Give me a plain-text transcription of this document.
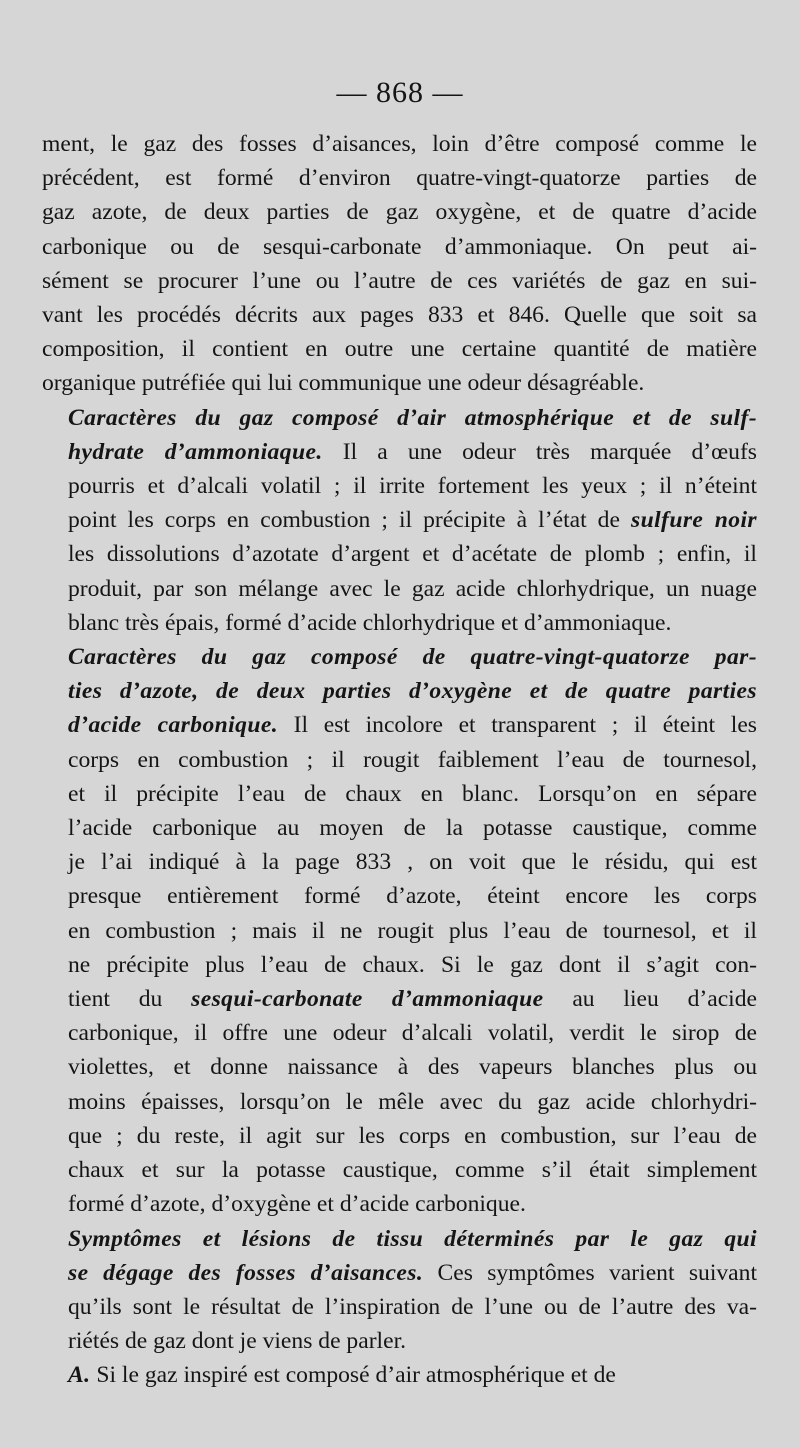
— 868 —
ment, le gaz des fosses d’aisances, loin d’être composé comme le
précédent, est formé d’environ quatre-vingt-quatorze parties de
gaz azote, de deux parties de gaz oxygène, et de quatre d’acide
carbonique ou de sesqui-carbonate d’ammoniaque. On peut ai-
sément se procurer l’une ou l’autre de ces variétés de gaz en sui-
vant les procédés décrits aux pages 833 et 846. Quelle que soit sa
composition, il contient en outre une certaine quantité de matière
organique putréfiée qui lui communique une odeur désagréable.
Caractères du gaz composé d’air atmosphérique et de sulf-
hydrate d’ammoniaque. Il a une odeur très marquée d’œufs
pourris et d’alcali volatil ; il irrite fortement les yeux ; il n’éteint
point les corps en combustion ; il précipite à l’état de sulfure noir
les dissolutions d’azotate d’argent et d’acétate de plomb ; enfin, il
produit, par son mélange avec le gaz acide chlorhydrique, un nuage
blanc très épais, formé d’acide chlorhydrique et d’ammoniaque.
Caractères du gaz composé de quatre-vingt-quatorze par-
ties d’azote, de deux parties d’oxygène et de quatre parties
d’acide carbonique. Il est incolore et transparent ; il éteint les
corps en combustion ; il rougit faiblement l’eau de tournesol,
et il précipite l’eau de chaux en blanc. Lorsqu’on en sépare
l’acide carbonique au moyen de la potasse caustique, comme
je l’ai indiqué à la page 833 , on voit que le résidu, qui est
presque entièrement formé d’azote, éteint encore les corps
en combustion ; mais il ne rougit plus l’eau de tournesol, et il
ne précipite plus l’eau de chaux. Si le gaz dont il s’agit con-
tient du sesqui-carbonate d’ammoniaque au lieu d’acide
carbonique, il offre une odeur d’alcali volatil, verdit le sirop de
violettes, et donne naissance à des vapeurs blanches plus ou
moins épaisses, lorsqu’on le mêle avec du gaz acide chlorhydri-
que ; du reste, il agit sur les corps en combustion, sur l’eau de
chaux et sur la potasse caustique, comme s’il était simplement
formé d’azote, d’oxygène et d’acide carbonique.
Symptômes et lésions de tissu déterminés par le gaz qui
se dégage des fosses d’aisances. Ces symptômes varient suivant
qu’ils sont le résultat de l’inspiration de l’une ou de l’autre des va-
riétés de gaz dont je viens de parler.
A. Si le gaz inspiré est composé d’air atmosphérique et de
